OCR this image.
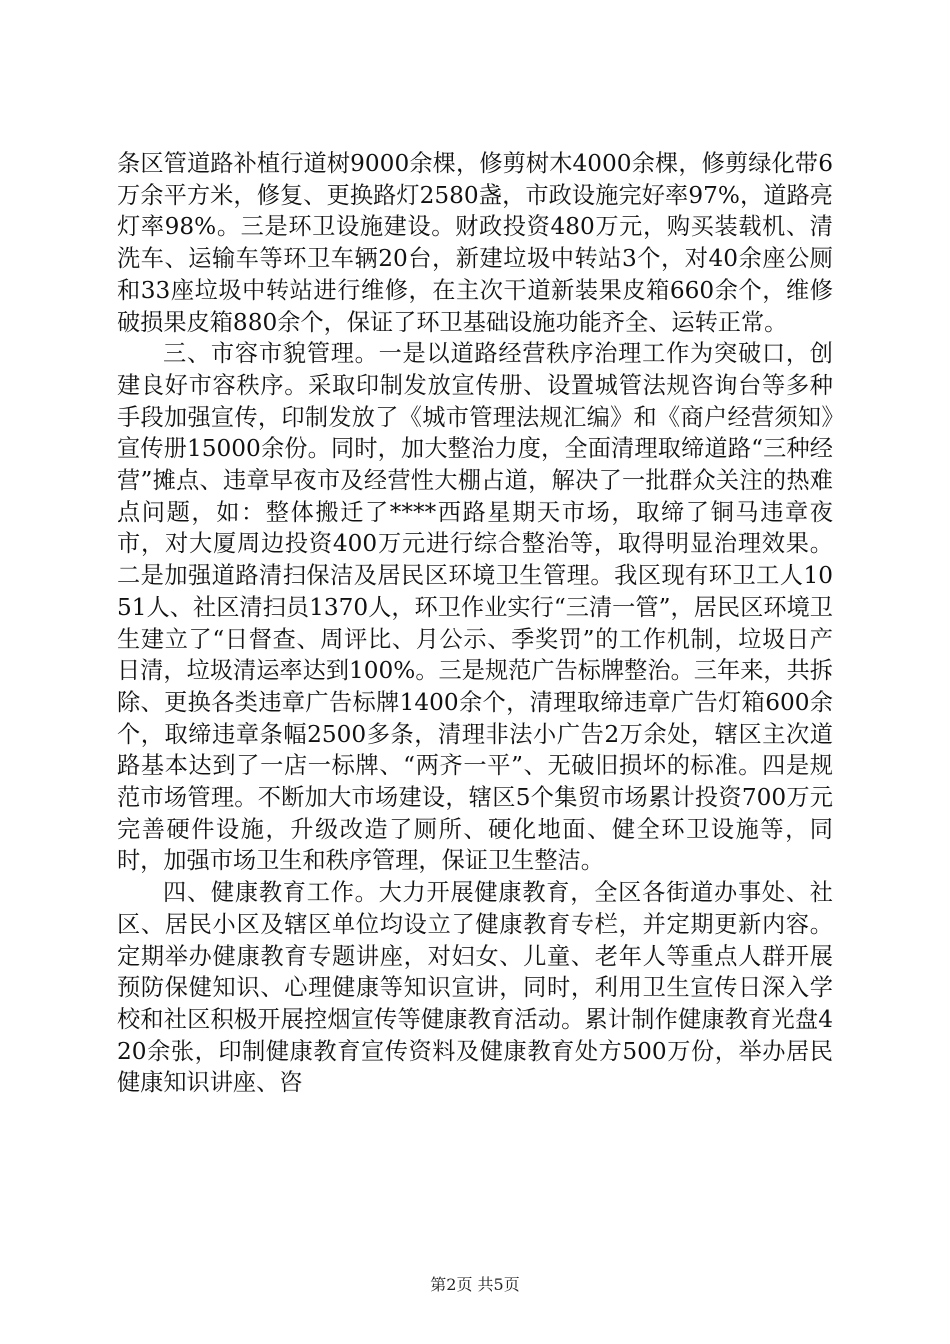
条区管道路补植行道树9000余棵，修剪树木4000余棵，修剪绿化带6万余平方米，修复、更换路灯2580盏，市政设施完好率97%，道路亮灯率98%。三是环卫设施建设。财政投资480万元，购买装载机、清洗车、运输车等环卫车辆20台，新建垃圾中转站3个，对40余座公厕和33座垃圾中转站进行维修，在主次干道新装果皮箱660余个，维修破损果皮箱880余个，保证了环卫基础设施功能齐全、运转正常。

三、市容市貌管理。一是以道路经营秩序治理工作为突破口，创建良好市容秩序。采取印制发放宣传册、设置城管法规咨询台等多种手段加强宣传，印制发放了《城市管理法规汇编》和《商户经营须知》宣传册15000余份。同时，加大整治力度，全面清理取缔道路“三种经营”摊点、违章早夜市及经营性大棚占道，解决了一批群众关注的热难点问题，如：整体搬迁了****西路星期天市场，取缔了铜马违章夜市，对大厦周边投资400万元进行综合整治等，取得明显治理效果。二是加强道路清扫保洁及居民区环境卫生管理。我区现有环卫工人1051人、社区清扫员1370人，环卫作业实行“三清一管”，居民区环境卫生建立了“日督查、周评比、月公示、季奖罚”的工作机制，垃圾日产日清，垃圾清运率达到100%。三是规范广告标牌整治。三年来，共拆除、更换各类违章广告标牌1400余个，清理取缔违章广告灯箱600余个，取缔违章条幅2500多条，清理非法小广告2万余处，辖区主次道路基本达到了一店一标牌、“两齐一平”、无破旧损坏的标准。四是规范市场管理。不断加大市场建设，辖区5个集贸市场累计投资700万元完善硬件设施，升级改造了厕所、硬化地面、健全环卫设施等，同时，加强市场卫生和秩序管理，保证卫生整洁。

四、健康教育工作。大力开展健康教育，全区各街道办事处、社区、居民小区及辖区单位均设立了健康教育专栏，并定期更新内容。定期举办健康教育专题讲座，对妇女、儿童、老年人等重点人群开展预防保健知识、心理健康等知识宣讲，同时，利用卫生宣传日深入学校和社区积极开展控烟宣传等健康教育活动。累计制作健康教育光盘420余张，印制健康教育宣传资料及健康教育处方500万份，举办居民健康知识讲座、咨

第2页 共5页
